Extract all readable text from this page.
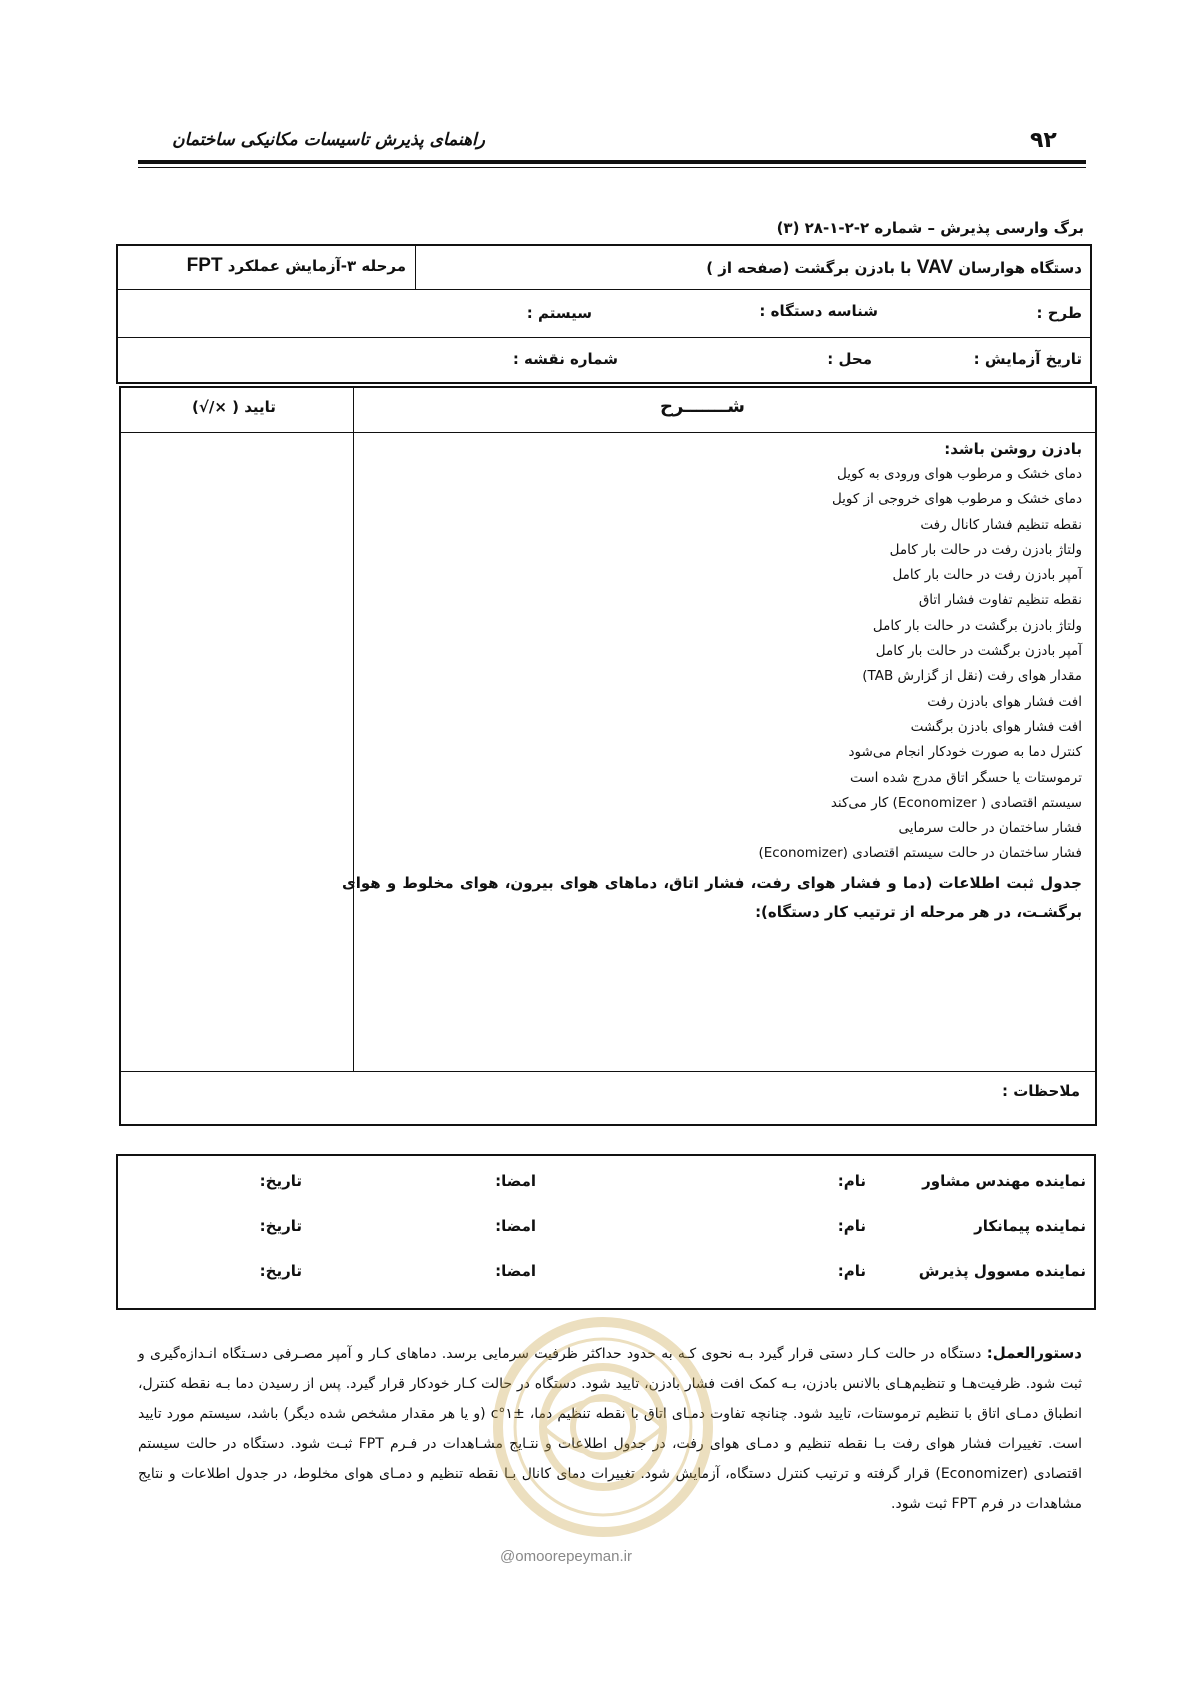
۹۲
راهنمای پذیرش تاسیسات مکانیکی ساختمان
برگ وارسی پذیرش – شماره ۲-۲-۱-۲۸ (۳)
دستگاه هوارسان VAV با بادزن برگشت (صفحه از )
مرحله ۳-آزمایش عملکرد FPT
طرح :
شناسه دستگاه :
سیستم :
تاریخ آزمایش :
محل :
شماره نقشه :
شـــــــرح
تایید ( ×/√)
بادزن روشن باشد:
دمای خشک و مرطوب هوای ورودی به کویل
دمای خشک و مرطوب هوای خروجی از کویل
نقطه تنظیم فشار کانال رفت
ولتاژ بادزن رفت در حالت بار کامل
آمپر بادزن رفت در حالت بار کامل
نقطه تنظیم تفاوت فشار اتاق
ولتاژ بادزن برگشت در حالت بار کامل
آمپر بادزن برگشت در حالت بار کامل
مقدار هوای رفت (نقل از گزارش TAB)
افت فشار هوای بادزن رفت
افت فشار هوای بادزن برگشت
کنترل دما به صورت خودکار انجام می‌شود
ترموستات یا حسگر اتاق مدرج شده است
سیستم اقتصادی ( Economizer) کار می‌کند
فشار ساختمان در حالت سرمایی
فشار ساختمان در حالت سیستم اقتصادی (Economizer)
جدول ثبت اطلاعات (دما و فشار هوای رفت، فشار اتاق، دماهای هوای بیرون، هوای مخلوط و هوای برگشـت، در هر مرحله از ترتیب کار دستگاه):
ملاحظات :
نماینده مهندس مشاور
نام:
امضا:
تاریخ:
نماینده پیمانکار
نام:
امضا:
تاریخ:
نماینده مسوول پذیرش
نام:
امضا:
تاریخ:
دستورالعمل: دستگاه در حالت کـار دستی قرار گیرد بـه نحوی کـه به حدود حداکثر ظرفیت سرمایی برسد. دماهای کـار و آمپر مصـرفی دسـتگاه انـدازه‌گیری و ثبت شود. ظرفیت‌هـا و تنظیم‌هـای بالانس بادزن، بـه کمک افت فشار بادزن، تایید شود. دستگاه در حالت کـار خودکار قرار گیرد. پس از رسیدن دما بـه نقطه کنترل، انطباق دمـای اتاق با تنظیم ترموستات، تایید شود. چنانچه تفاوت دمـای اتاق با نقطه تنظیم دما، ±۱°c (و یا هر مقدار مشخص شده دیگر) باشد، سیستم مورد تایید است. تغییرات فشار هوای رفت بـا نقطه تنظیم و دمـای هوای رفت، در جدول اطلاعات و نتـایج مشـاهدات در فـرم FPT ثبـت شود. دستگاه در حالت سیستم اقتصادی (Economizer) قرار گرفته و ترتیب کنترل دستگاه، آزمایش شود. تغییرات دمای کانال بـا نقطه تنظیم و دمـای هوای مخلوط، در جدول اطلاعات و نتایج مشاهدات در فرم FPT ثبت شود.
@omoorepeyman.ir
